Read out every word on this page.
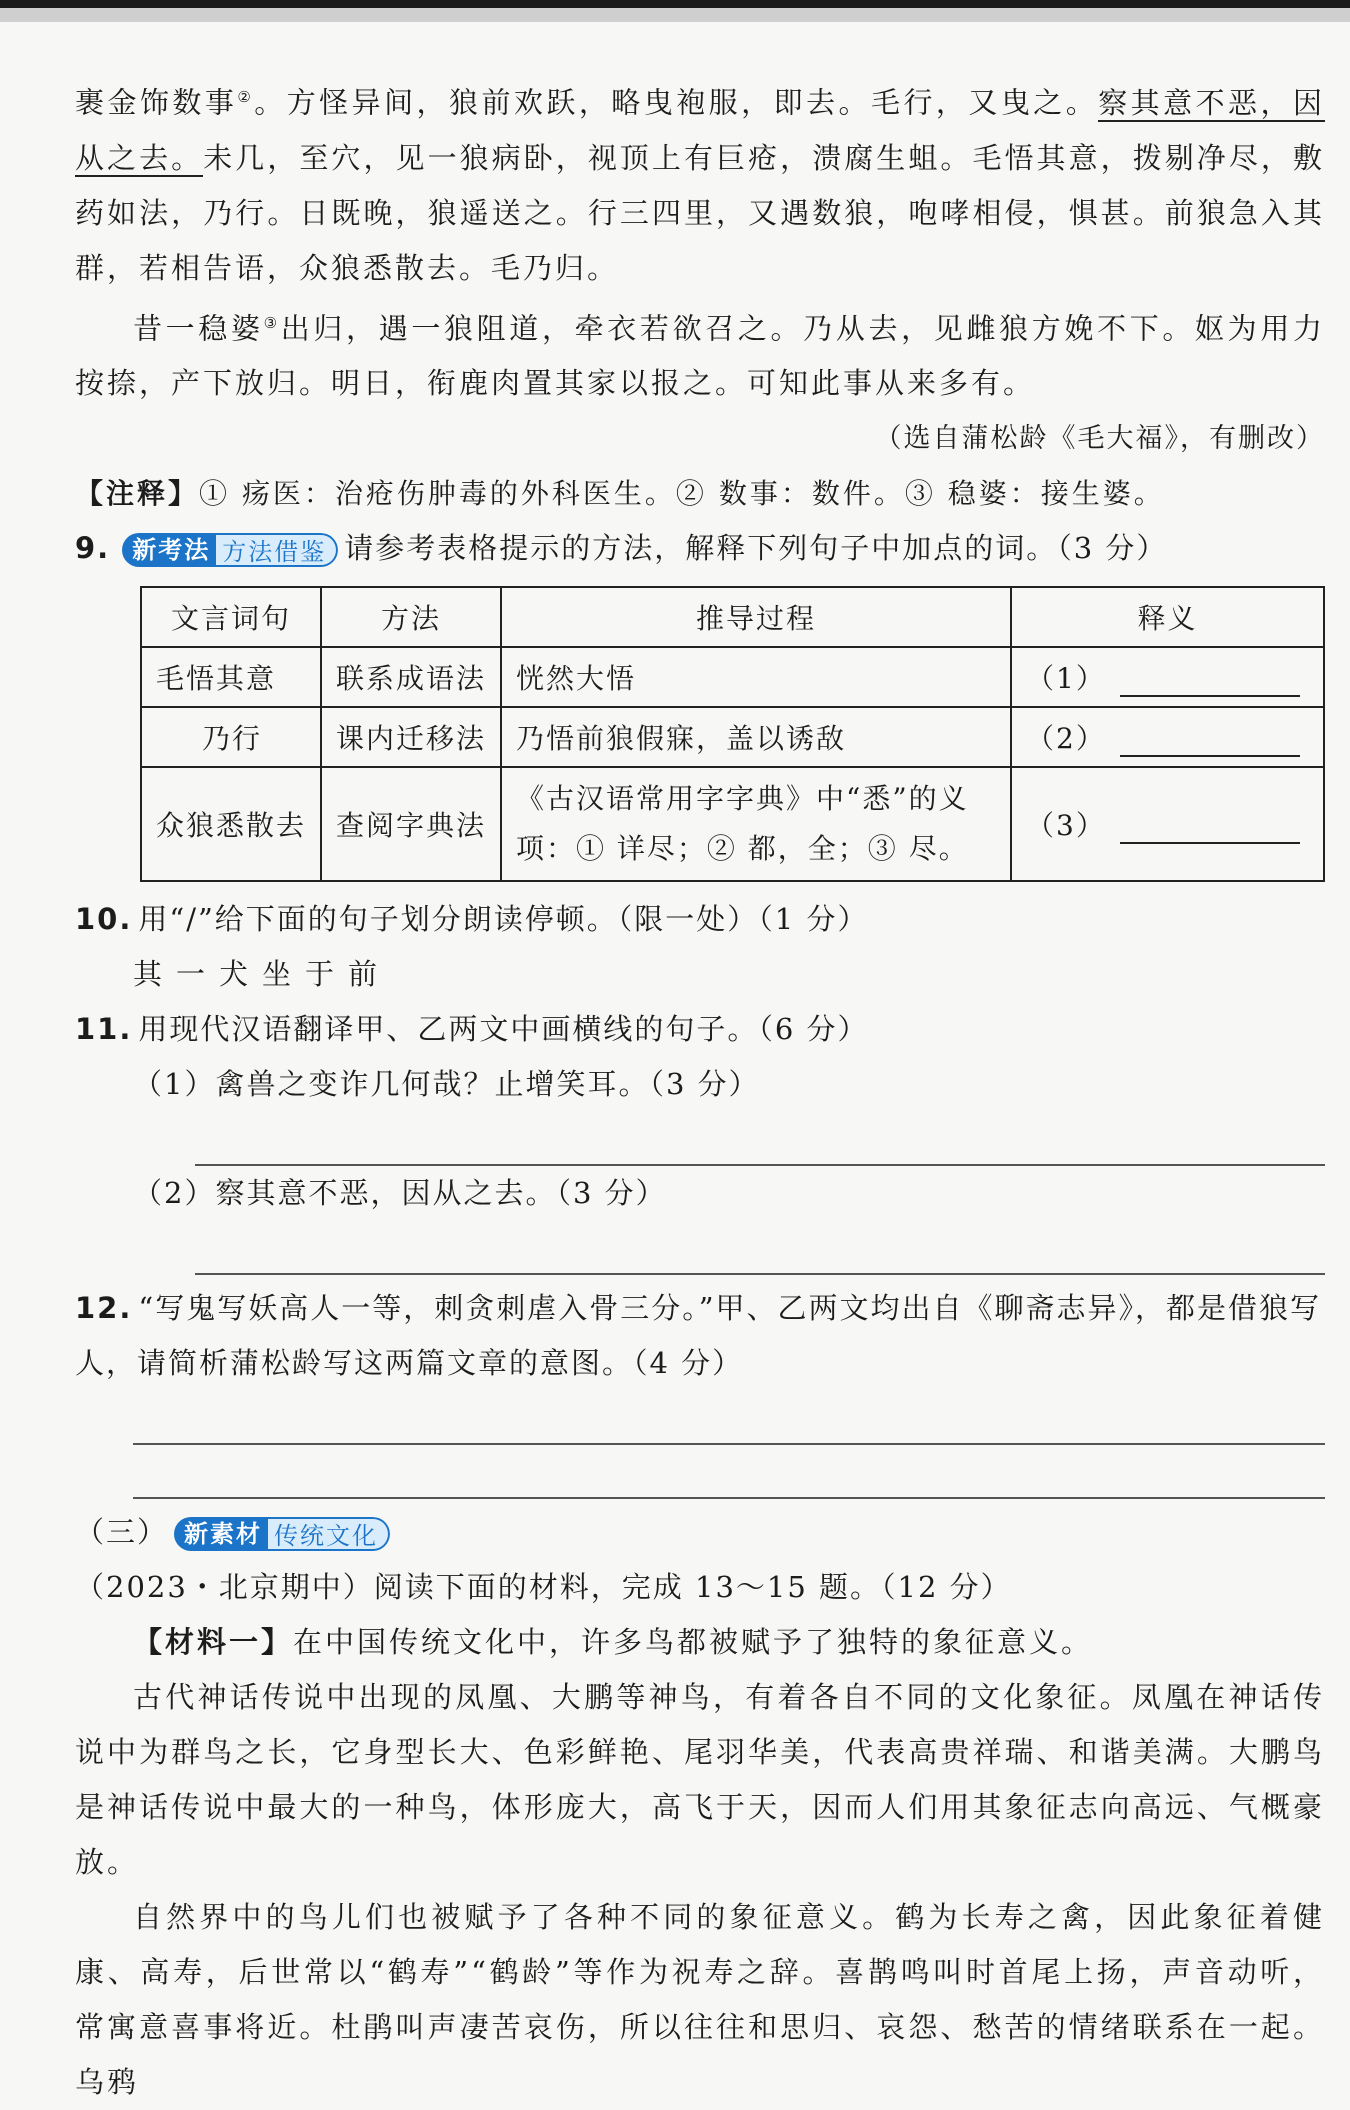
裹金饰数事②。方怪异间，狼前欢跃，略曳袍服，即去。毛行，又曳之。察其意不恶，因从之去。未几，至穴，见一狼病卧，视顶上有巨疮，溃腐生蛆。毛悟其意，拨剔净尽，敷药如法，乃行。日既晚，狼遥送之。行三四里，又遇数狼，咆哮相侵，惧甚。前狼急入其群，若相告语，众狼悉散去。毛乃归。

昔一稳婆③出归，遇一狼阻道，牵衣若欲召之。乃从去，见雌狼方娩不下。妪为用力按捺，产下放归。明日，衔鹿肉置其家以报之。可知此事从来多有。

（选自蒲松龄《毛大福》，有删改）

【注释】① 疡医：治疮伤肿毒的外科医生。② 数事：数件。③ 稳婆：接生婆。

9. 新考法 方法借鉴 请参考表格提示的方法，解释下列句子中加点的词。（3 分）

文言词句	方法	推导过程	释义
毛悟其意	联系成语法	恍然大悟	（1）
乃行	课内迁移法	乃悟前狼假寐，盖以诱敌	（2）
众狼悉散去	查阅字典法	《古汉语常用字字典》中“悉”的义项：① 详尽；② 都，全；③ 尽。	（3）

10. 用“/”给下面的句子划分朗读停顿。（限一处）（1 分）

其一犬坐于前

11. 用现代汉语翻译甲、乙两文中画横线的句子。（6 分）

（1）禽兽之变诈几何哉？止增笑耳。（3 分）

（2）察其意不恶，因从之去。（3 分）

12. “写鬼写妖高人一等，刺贪刺虐入骨三分。”甲、乙两文均出自《聊斋志异》，都是借狼写人，请简析蒲松龄写这两篇文章的意图。（4 分）

（三） 新素材 传统文化
（2023・北京期中）阅读下面的材料，完成 13～15 题。（12 分）

【材料一】在中国传统文化中，许多鸟都被赋予了独特的象征意义。

古代神话传说中出现的凤凰、大鹏等神鸟，有着各自不同的文化象征。凤凰在神话传说中为群鸟之长，它身型长大、色彩鲜艳、尾羽华美，代表高贵祥瑞、和谐美满。大鹏鸟是神话传说中最大的一种鸟，体形庞大，高飞于天，因而人们用其象征志向高远、气概豪放。

自然界中的鸟儿们也被赋予了各种不同的象征意义。鹤为长寿之禽，因此象征着健康、高寿，后世常以“鹤寿”“鹤龄”等作为祝寿之辞。喜鹊鸣叫时首尾上扬，声音动听，常寓意喜事将近。杜鹃叫声凄苦哀伤，所以往往和思归、哀怨、愁苦的情绪联系在一起。乌鸦
